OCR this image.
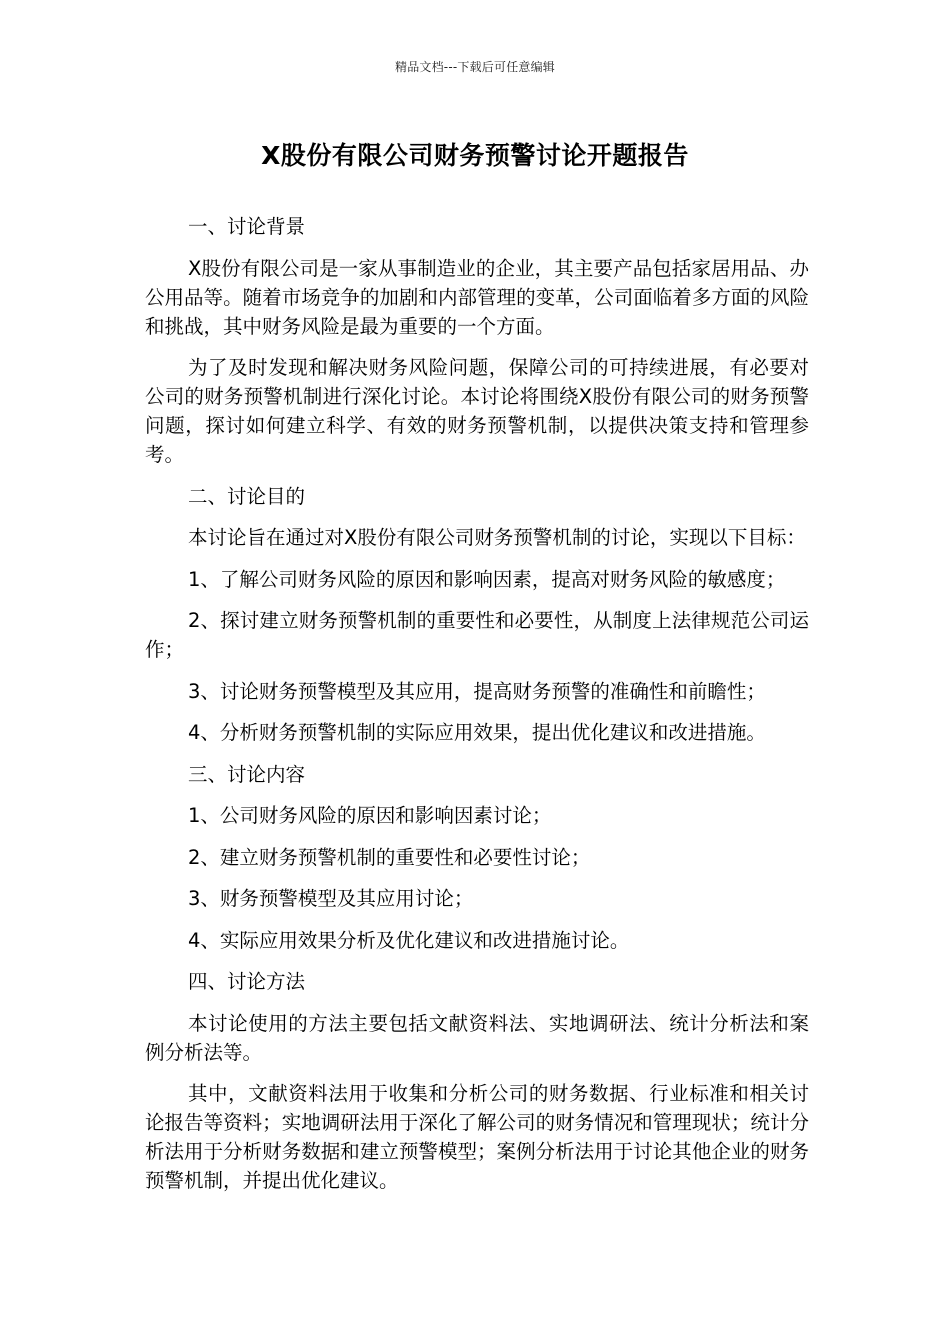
精品文档---下载后可任意编辑
X股份有限公司财务预警讨论开题报告

一、讨论背景

X股份有限公司是一家从事制造业的企业，其主要产品包括家居用品、办公用品等。随着市场竞争的加剧和内部管理的变革，公司面临着多方面的风险和挑战，其中财务风险是最为重要的一个方面。

为了及时发现和解决财务风险问题，保障公司的可持续进展，有必要对公司的财务预警机制进行深化讨论。本讨论将围绕X股份有限公司的财务预警问题，探讨如何建立科学、有效的财务预警机制，以提供决策支持和管理参考。

二、讨论目的

本讨论旨在通过对X股份有限公司财务预警机制的讨论，实现以下目标：

1、了解公司财务风险的原因和影响因素，提高对财务风险的敏感度；

2、探讨建立财务预警机制的重要性和必要性，从制度上法律规范公司运作；

3、讨论财务预警模型及其应用，提高财务预警的准确性和前瞻性；

4、分析财务预警机制的实际应用效果，提出优化建议和改进措施。

三、讨论内容

1、公司财务风险的原因和影响因素讨论；

2、建立财务预警机制的重要性和必要性讨论；

3、财务预警模型及其应用讨论；

4、实际应用效果分析及优化建议和改进措施讨论。

四、讨论方法

本讨论使用的方法主要包括文献资料法、实地调研法、统计分析法和案例分析法等。

其中，文献资料法用于收集和分析公司的财务数据、行业标准和相关讨论报告等资料；实地调研法用于深化了解公司的财务情况和管理现状；统计分析法用于分析财务数据和建立预警模型；案例分析法用于讨论其他企业的财务预警机制，并提出优化建议。
